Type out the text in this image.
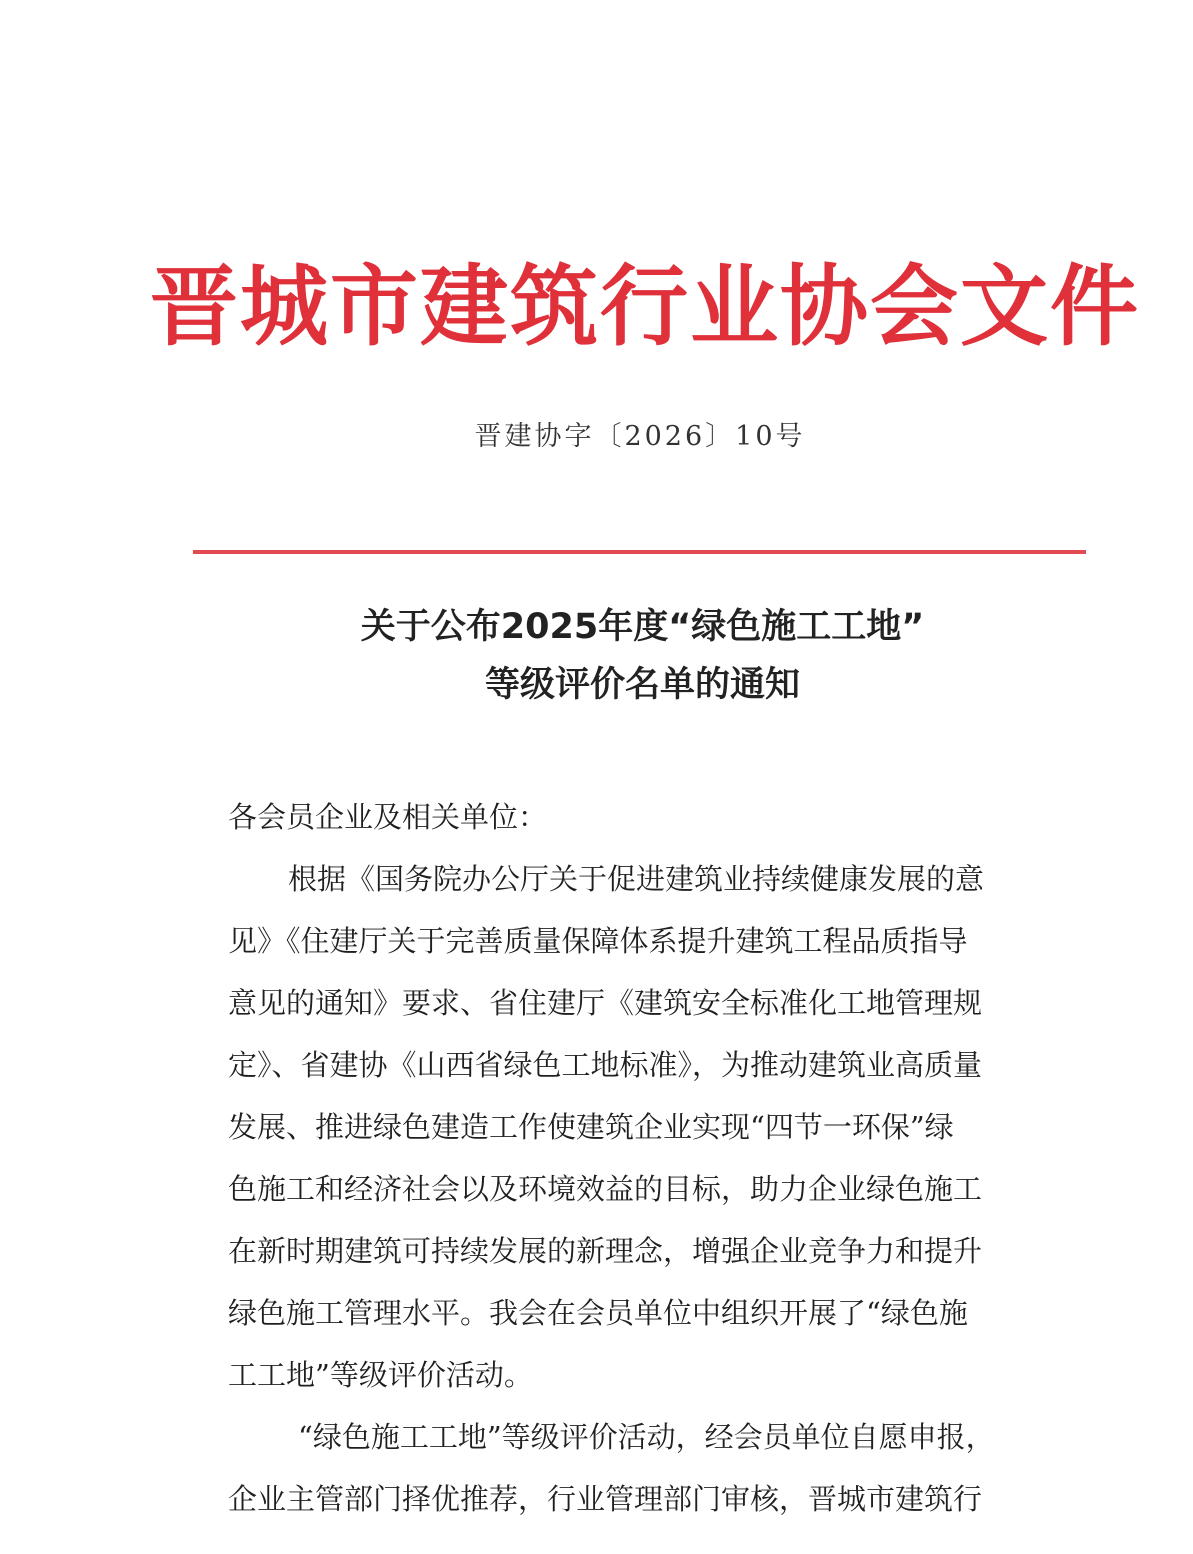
晋城市建筑行业协会文件
晋建协字〔2026〕10号
关于公布2025年度“绿色施工工地”
等级评价名单的通知

各会员企业及相关单位：

根据《国务院办公厅关于促进建筑业持续健康发展的意

见》《住建厅关于完善质量保障体系提升建筑工程品质指导

意见的通知》要求、省住建厅《建筑安全标准化工地管理规

定》、省建协《山西省绿色工地标准》，为推动建筑业高质量

发展、推进绿色建造工作使建筑企业实现“四节一环保”绿

色施工和经济社会以及环境效益的目标，助力企业绿色施工

在新时期建筑可持续发展的新理念，增强企业竞争力和提升

绿色施工管理水平。我会在会员单位中组织开展了“绿色施

工工地”等级评价活动。

“绿色施工工地”等级评价活动，经会员单位自愿申报，

企业主管部门择优推荐，行业管理部门审核，晋城市建筑行
